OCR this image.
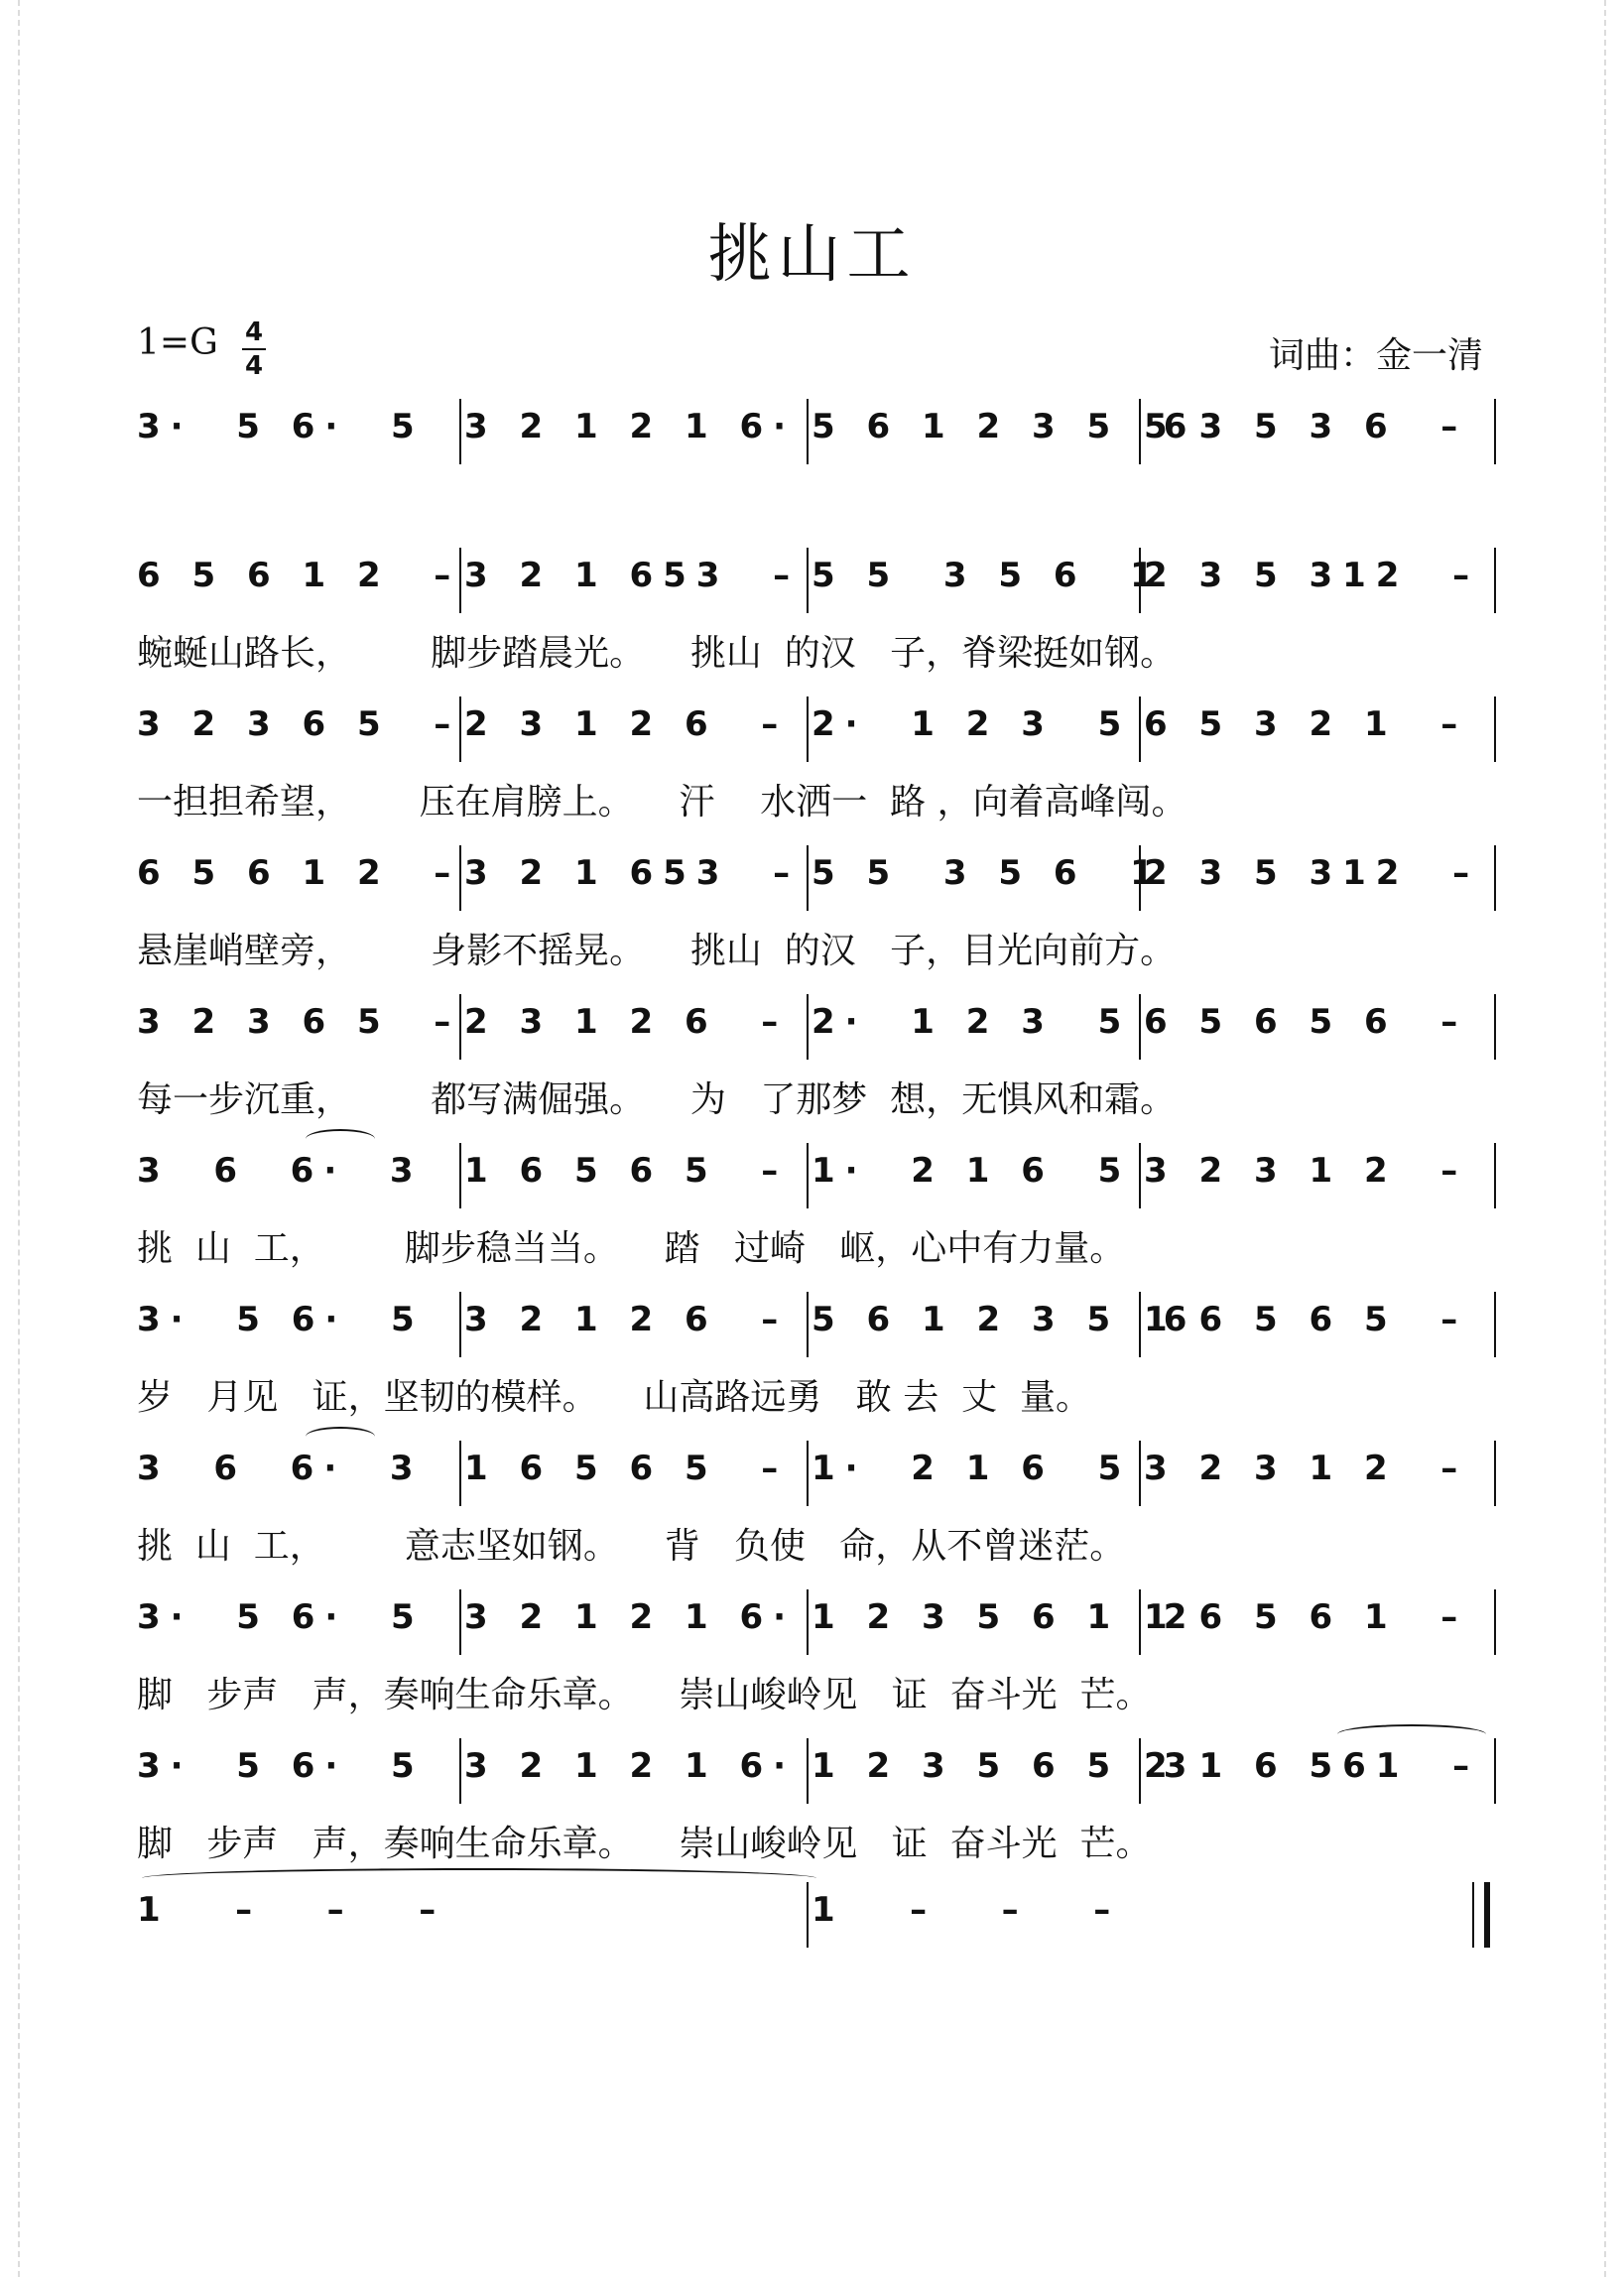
挑山工
1=G 4
4	词曲：金一清
3·  5 6·  5 3 2 1 2 1 6· 5 6 1 2 3 5  6
5 3 5 3 6  –
6 5 6 1 2  – 3 2 1 653  – 5 5  3 5 6  1
2 3 5 312  –
蜿蜒山路长，       脚步踏晨光。    挑山  的汉   子，脊梁挺如钢。
3 2 3 6 5  – 2 3 1 2 6  – 2·  1 2 3  5 6 5 3 2 1  –
一担担希望，      压在肩膀上。    汗    水洒一  路 ，向着高峰闯。
6 5 6 1 2  – 3 2 1 653  – 5 5  3 5 6  1
2 3 5 312  –
悬崖峭壁旁，       身影不摇晃。    挑山  的汉   子，目光向前方。
3 2 3 6 5  – 2 3 1 2 6  – 2·  1 2 3  5 6 5 6 5 6  –
每一步沉重，       都写满倔强。    为   了那梦  想，无惧风和霜。
3  6  6·  3 1 6 5 6 5  – 1·  2 1 6  5 3 2 3 1 2  –
挑  山  工，       脚步稳当当。    踏   过崎   岖，心中有力量。
3·  5 6·  5 3 2 1 2 6  – 5 6 1 2 3 5  6
1 6 5 6 5  –
岁   月见   证，坚韧的模样。    山高路远勇   敢 去  丈  量。
3  6  6·  3 1 6 5 6 5  – 1·  2 1 6  5 3 2 3 1 2  –
挑  山  工，       意志坚如钢。    背   负使   命，从不曾迷茫。
3·  5 6·  5 3 2 1 2 1 6· 1 2 3 5 6 1  2
1 6 5 6 1  –
脚   步声   声，奏响生命乐章。    崇山峻岭见   证  奋斗光  芒。
3·  5 6·  5 3 2 1 2 1 6· 1 2 3 5 6 5  3
2 1 6 561  –
脚   步声   声，奏响生命乐章。    崇山峻岭见   证  奋斗光  芒。
1   –   –   –	1   –   –   –
